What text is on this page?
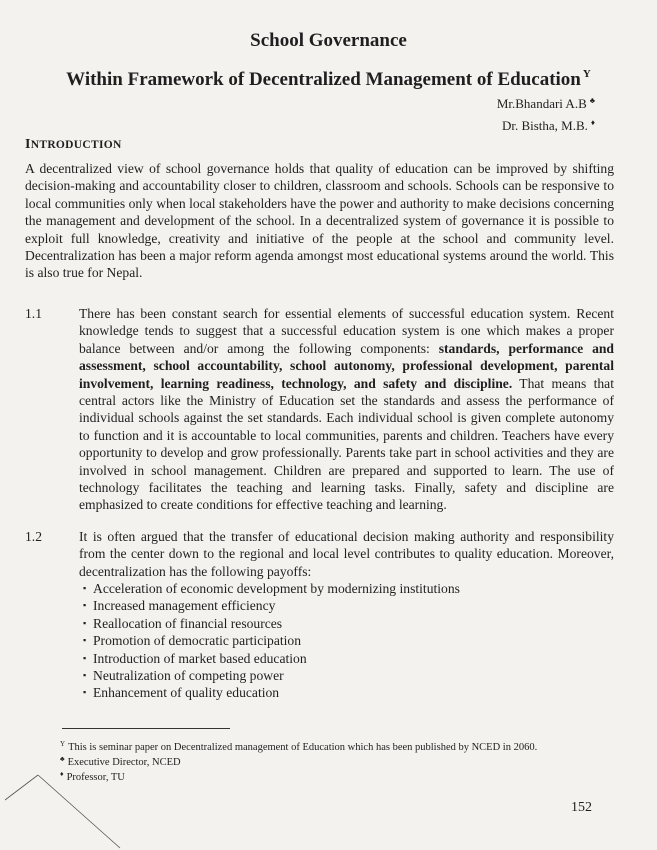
School Governance
Within Framework of Decentralized Management of Education $^\Upsilon$
Mr.Bhandari A.B ♣
Dr. Bistha, M.B. ♦
INTRODUCTION

A decentralized view of school governance holds that quality of education can be improved by shifting decision-making and accountability closer to children, classroom and schools. Schools can be responsive to local communities only when local stakeholders have the power and authority to make decisions concerning the management and development of the school. In a decentralized system of governance it is possible to exploit full knowledge, creativity and initiative of the people at the school and community level. Decentralization has been a major reform agenda amongst most educational systems around the world. This is also true for Nepal.

1.1	There has been constant search for essential elements of successful education system. Recent knowledge tends to suggest that a successful education system is one which makes a proper balance between and/or among the following components: standards, performance and assessment, school accountability, school autonomy, professional development, parental involvement, learning readiness, technology, and safety and discipline. That means that central actors like the Ministry of Education set the standards and assess the performance of individual schools against the set standards. Each individual school is given complete autonomy to function and it is accountable to local communities, parents and children. Teachers have every opportunity to develop and grow professionally. Parents take part in school activities and they are involved in school management. Children are prepared and supported to learn. The use of technology facilitates the teaching and learning tasks. Finally, safety and discipline are emphasized to create conditions for effective teaching and learning.

1.2	It is often argued that the transfer of educational decision making authority and responsibility from the center down to the regional and local level contributes to quality education. Moreover, decentralization has the following payoffs:

▪ Acceleration of economic development by modernizing institutions
▪ Increased management efficiency
▪ Reallocation of financial resources
▪ Promotion of democratic participation
▪ Introduction of market based education
▪ Neutralization of competing power
▪ Enhancement of quality education
$^\Upsilon$ This is seminar paper on Decentralized management of Education which has been published by NCED in 2060.
♣ Executive Director, NCED
♦ Professor, TU
152
